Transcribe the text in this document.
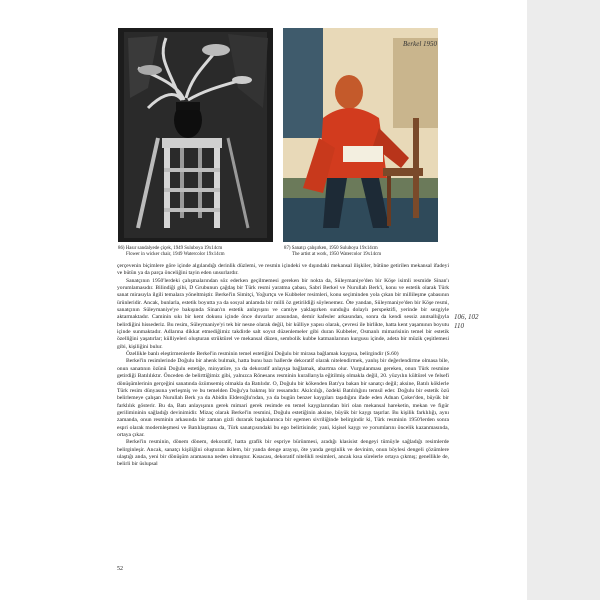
86) Hasır sandalyede çiçek, 1949 Suluboya 19x14cm
Flower in wicker chair, 1949 Watercolor 19x14cm
Berkel 1950
87) Sanatçı çalışırken, 1950 Suluboya 19x14cm
The artist at work, 1950 Watercolor 19x14cm

çerçevenin biçimlere göre içinde algılandığı derinlik düzlemi, ve resmin içindeki ve dışındaki mekansal ilişkiler, bütüne getirilen mekansal ifadeyi ve bütün ya da parça önceliğini tayin eden unsurlardır.

Sanatçının 1950'lerdeki çalışmalarından söz ederken geçilmemesi gereken bir nokta da, Süleymaniye'den bir Köşe isimli resmide Sinan'ı yorumlamasıdır. Bilindiği gibi, D Grubunun çağdaş bir Türk resmi yaratma çabası, Sabri Berkel ve Nurullah Berk'i, konu ve estetik olarak Türk sanat mirasıyla ilgili temalara yöneltmiştir. Berkel'in Simitçi, Yoğurtçu ve Kubbeler resimleri, konu seçiminden yola çıkan bir millileşme çabasının ürünleridir. Ancak, bunlarla, estetik boyutta ya da sosyal anlamda bir milli öz getirildiği söylenemez. Öte yandan, Süleymaniye'den bir Köşe resmi, sanatçının Süleymaniye'ye bakışında Sinan'ın estetik anlayışını ve camiye yaklaşırken sunduğu dolaylı perspektifi, yerinde bir sezgiyle aktarmaktadır. Caminin sıkı bir kent dokusu içinde önce duvarlar arasından, demir kafesler arkasından, sonra da kendi sessiz anıtsallığıyla belirdiğini hissederiz. Bu resim, Süleymaniye'yi tek bir nesne olarak değil, bir külliye yapısı olarak, çevresi ile birlikte, hatta kent yaşamının boyutu içinde sunmaktadır. Adlarına dikkat etmediğimiz takdirde salt soyut düzenlemeler gibi duran Kubbeler, Osmanlı mimarisinin temel bir estetik özelliğini yaşatırlar; külliyeleri oluşturan strüktürel ve mekansal düzen, sembolik kubbe katmanlarının kurgusu içinde, adeta bir müzik çeşitlemesi gibi, kişiliğini bulur.

Özellikle banlı eleştirmenlerde Berkel'in resminin temel estetiğini Doğulu bir mirasa bağlamak kaygısa, belirgindir (S.60)

Berkel'in resimlerinde Doğulu bir ahenk bulmak, hatta bunu bazı hallerde dekoratif olarak nitelendirmek, yanlış bir değerlendirme olmasa bile, onun sanatının özünü Doğulu estetiğe, minyatüre, ya da dekoratif anlayışa bağlamak, abartma olur. Vurgulanması gereken, onun Türk resmine getirdiği Batılılıktır. Önceden de belirttiğimiz gibi, yalnızca Rönesans resminin kurallarıyla eğitilmiş olmakla değil, 20. yüzyılın kültürel ve felsefi dönüşümlerinin gerçeğini sanatında özümsemiş olmakla da Batılıdır. O, Doğulu bir kökenden Batı'ya bakan bir sanatçı değil; aksine, Batılı köklerle Türk resim dünyasına yerleşmiş ve bu temelden Doğu'ya bakmış bir ressamdır. Akılcılığı, özdeki Batılılığını temsil eder. Doğulu bir estetik özü belirlemeye çalışan Nurullah Berk ya da Abidin Elderoğlu'ndan, ya da bugün benzer kaygıları taşıdığını ifade eden Adnan Çoker'den, büyük bir farklılık gösterir. Bu da, Batı anlayışının gerek mimari gerek resimde en temel kaygılarından biri olan mekansal hareketin, mekan ve figür gerilimininin sağladığı devinimidir. Mizaç olarak Berkel'in resmini, Doğulu estetiğinin aksine, büyük bir kaygı taşırlar. Bu kişilik farklılığı, aynı zamanda, onun resminin arkasında bir zaman gizli durarak başkalarınca bir egemen sivriliğinde belirgindir ki, Türk resminin 1950'lerden sonra espri olarak modernleşmesi ve Batılılaşması da, Türk sanatçısındaki bu ego belirtisinde; yani, kişisel kaygı ve yorumlarını öncelik kazanmasında, ortaya çıkar.

Berkel'in resminin, dönem dönem, dekoratif, hatta grafik bir espriye bürünmesi, aradığı klasisist dengeyi tümüyle sağladığı resimlerde belirginleşir. Ancak, sanatçı kişiliğini oluşturan ikilem, bir yanda denge arayışı, öte yanda gerginlik ve devinim, onun böylesi dengeli çözümlere ulaştığı anda, yeni bir dönüşüm aramasına neden olmuştur. Kısacası, dekoratif nitelikli resimleri, ancak kısa sürelerle ortaya çıkmış; genellikle de, belirli bir üslupsal

106, 102
110
52
